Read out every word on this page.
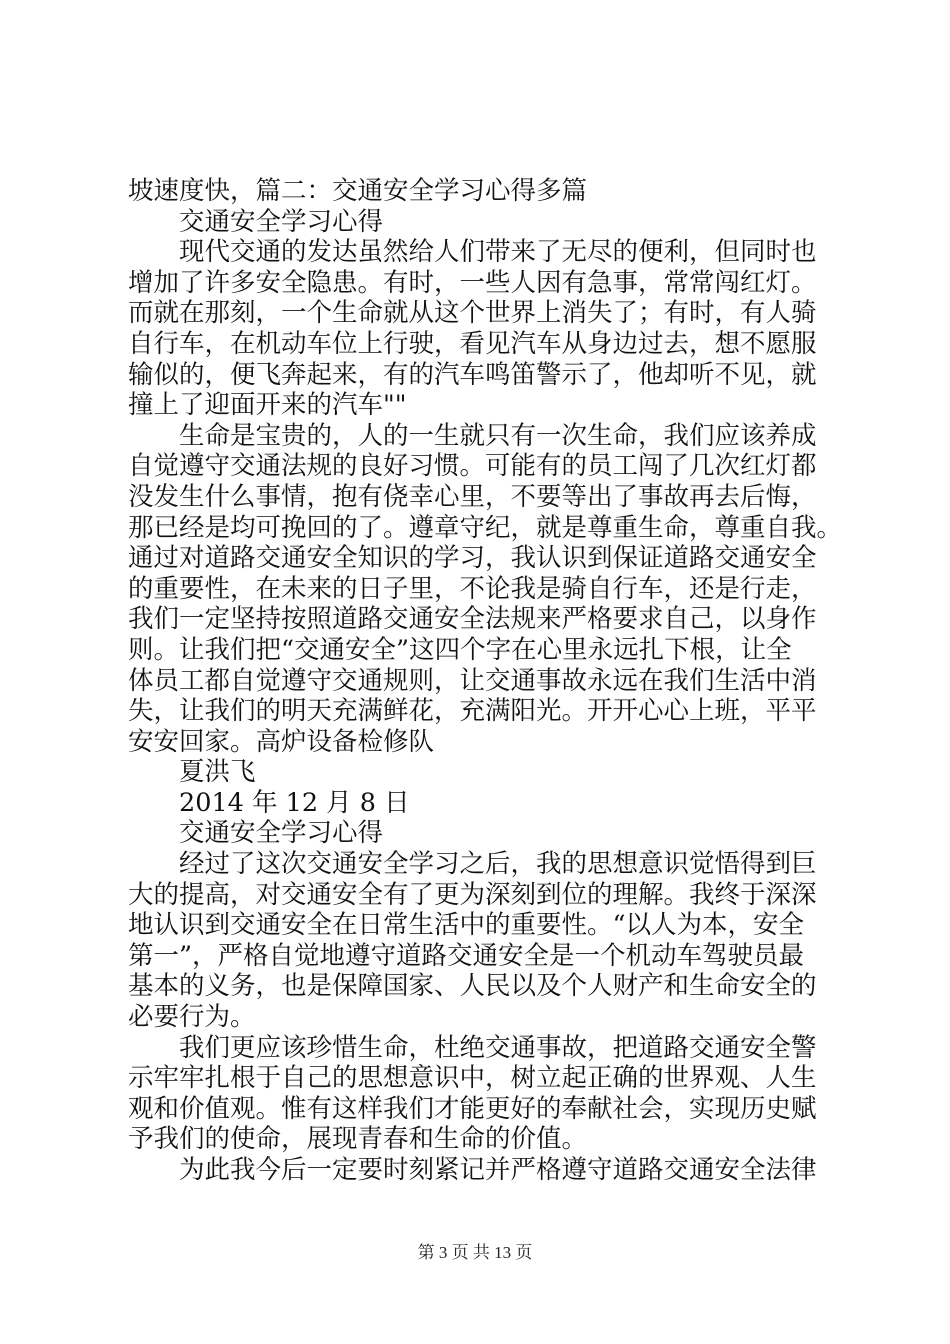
坡速度快，篇二：交通安全学习心得多篇
交通安全学习心得
现代交通的发达虽然给人们带来了无尽的便利，但同时也
增加了许多安全隐患。有时，一些人因有急事，常常闯红灯。
而就在那刻，一个生命就从这个世界上消失了；有时，有人骑
自行车，在机动车位上行驶，看见汽车从身边过去，想不愿服
输似的，便飞奔起来，有的汽车鸣笛警示了，他却听不见，就
撞上了迎面开来的汽车""
生命是宝贵的，人的一生就只有一次生命，我们应该养成
自觉遵守交通法规的良好习惯。可能有的员工闯了几次红灯都
没发生什么事情，抱有侥幸心里，不要等出了事故再去后悔，
那已经是均可挽回的了。遵章守纪，就是尊重生命，尊重自我。
通过对道路交通安全知识的学习，我认识到保证道路交通安全
的重要性，在未来的日子里，不论我是骑自行车，还是行走，
我们一定坚持按照道路交通安全法规来严格要求自己，以身作
则。让我们把“交通安全”这四个字在心里永远扎下根，让全
体员工都自觉遵守交通规则，让交通事故永远在我们生活中消
失，让我们的明天充满鲜花，充满阳光。开开心心上班，平平
安安回家。高炉设备检修队
夏洪飞
2014 年 12 月 8 日
交通安全学习心得
经过了这次交通安全学习之后，我的思想意识觉悟得到巨
大的提高，对交通安全有了更为深刻到位的理解。我终于深深
地认识到交通安全在日常生活中的重要性。“以人为本，安全
第一”，严格自觉地遵守道路交通安全是一个机动车驾驶员最
基本的义务，也是保障国家、人民以及个人财产和生命安全的
必要行为。
我们更应该珍惜生命，杜绝交通事故，把道路交通安全警
示牢牢扎根于自己的思想意识中，树立起正确的世界观、人生
观和价值观。惟有这样我们才能更好的奉献社会，实现历史赋
予我们的使命，展现青春和生命的价值。
为此我今后一定要时刻紧记并严格遵守道路交通安全法律
第 3 页 共 13 页
